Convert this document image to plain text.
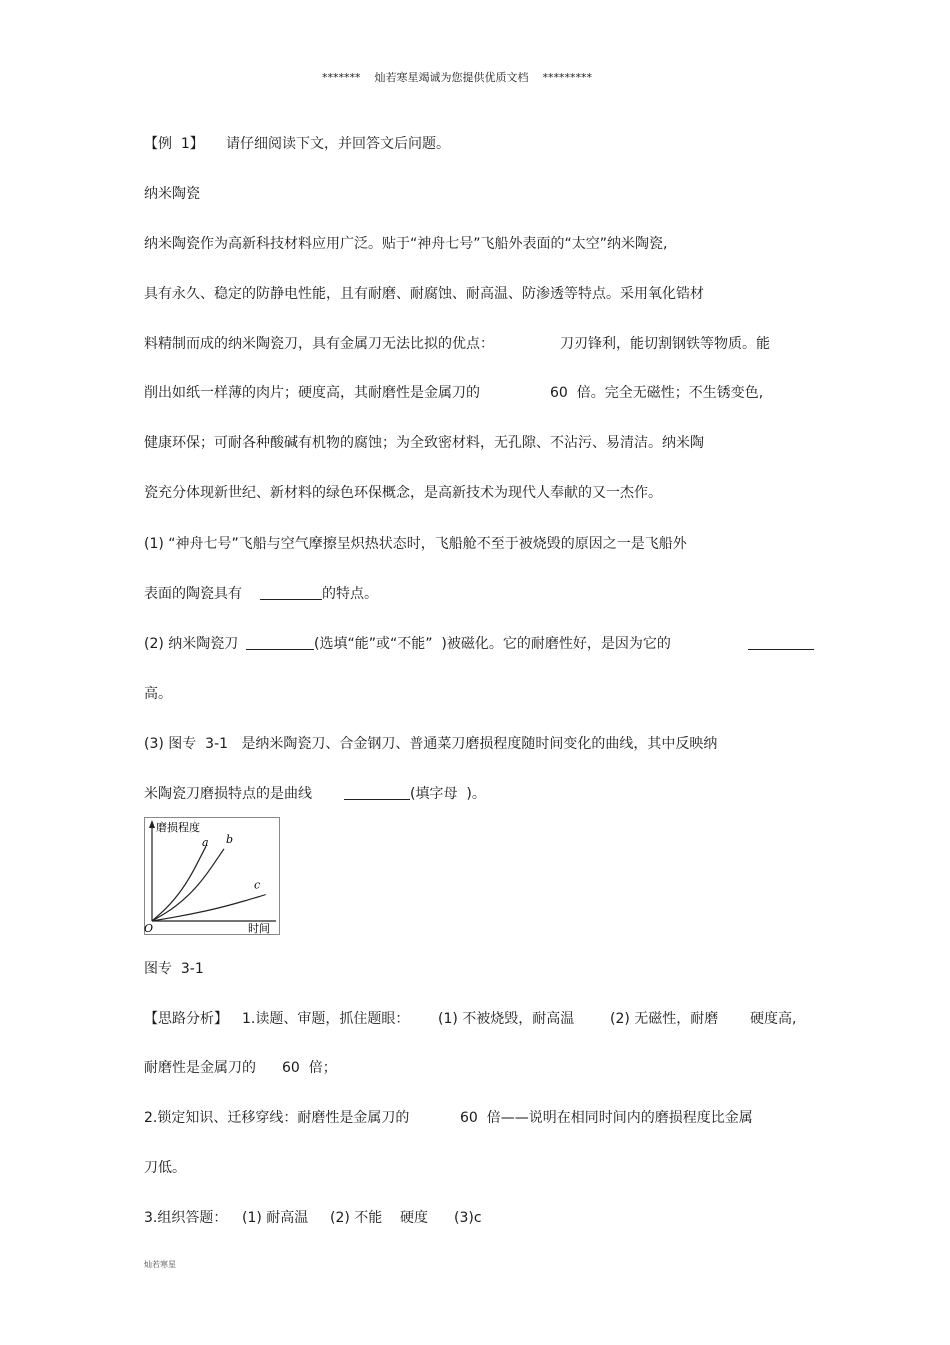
*******    灿若寒星竭诚为您提供优质文档    *********

【例  1】

请仔细阅读下文，并回答文后问题。

纳米陶瓷
纳米陶瓷作为高新科技材料应用广泛。贴于“神舟七号”飞船外表面的“太空”纳米陶瓷,
具有永久、稳定的防静电性能，且有耐磨、耐腐蚀、耐高温、防渗透等特点。采用氧化锆材

料精制而成的纳米陶瓷刀，具有金属刀无法比拟的优点：

	刀刃锋利，能切割钢铁等物质。能

削出如纸一样薄的肉片；硬度高，其耐磨性是金属刀的

	60  倍。完全无磁性；不生锈变色,

健康环保；可耐各种酸碱有机物的腐蚀；为全致密材料，无孔隙、不沾污、易清洁。纳米陶
瓷充分体现新世纪、新材料的绿色环保概念，是高新技术为现代人奉献的又一杰作。
(1) “神舟七号”飞船与空气摩擦呈炽热状态时，飞船舱不至于被烧毁的原因之一是飞船外

表面的陶瓷具有

	的特点。

(2) 纳米陶瓷刀

	(选填“能”或“不能”  )被磁化。它的耐磨性好，是因为它的

高。
(3) 图专  3-1   是纳米陶瓷刀、合金钢刀、普通菜刀磨损程度随时间变化的曲线，其中反映纳

米陶瓷刀磨损特点的是曲线

	(填字母  )。

磨损程度
时间
O
a b
c
图专  3-1

【思路分析】

1.读题、审题，抓住题眼：

(1) 不被烧毁，耐高温

	(2) 无磁性，耐磨

硬度高,

耐磨性是金属刀的

60  倍；

2.锁定知识、迁移穿线：耐磨性是金属刀的

	60  倍——说明在相同时间内的磨损程度比金属

刀低。

3.组织答题：

(1) 耐高温

(2) 不能

硬度

(3)c

灿若寒星
